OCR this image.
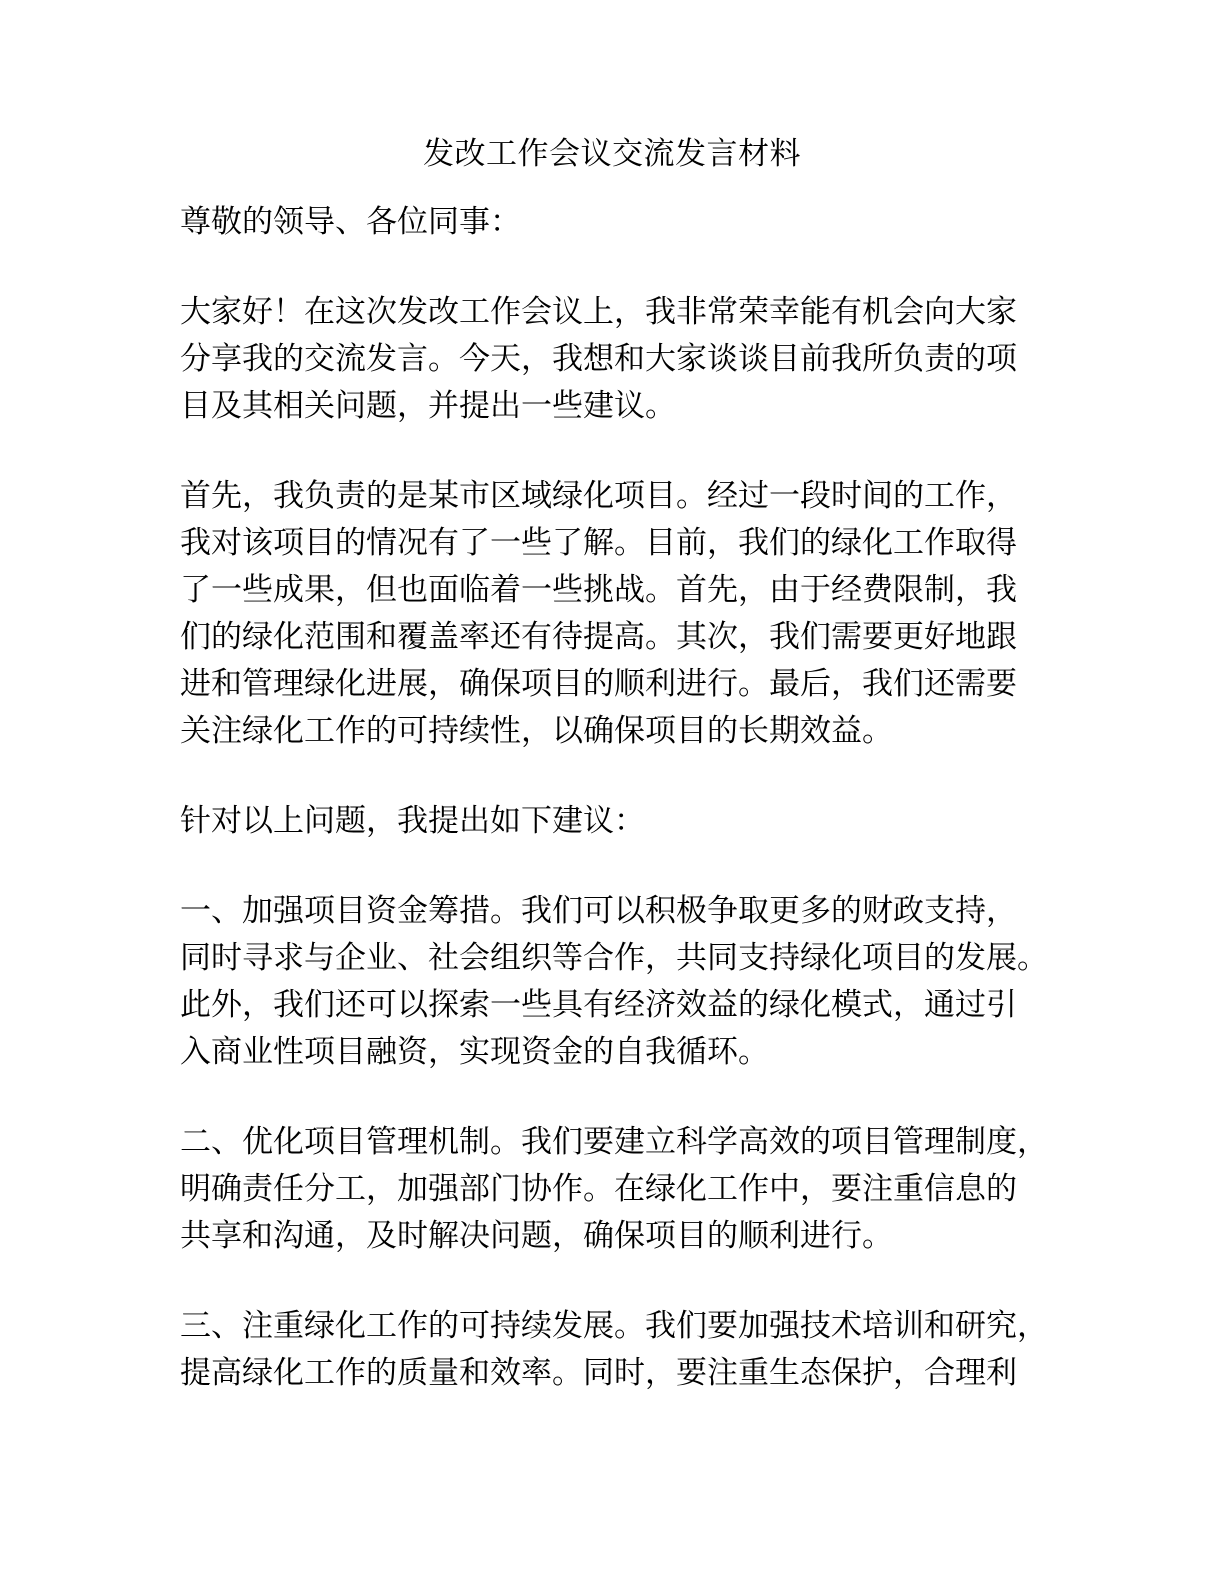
发改工作会议交流发言材料
尊敬的领导、各位同事：
大家好！在这次发改工作会议上，我非常荣幸能有机会向大家
分享我的交流发言。今天，我想和大家谈谈目前我所负责的项
目及其相关问题，并提出一些建议。
首先，我负责的是某市区域绿化项目。经过一段时间的工作，
我对该项目的情况有了一些了解。目前，我们的绿化工作取得
了一些成果，但也面临着一些挑战。首先，由于经费限制，我
们的绿化范围和覆盖率还有待提高。其次，我们需要更好地跟
进和管理绿化进展，确保项目的顺利进行。最后，我们还需要
关注绿化工作的可持续性，以确保项目的长期效益。
针对以上问题，我提出如下建议：
一、加强项目资金筹措。我们可以积极争取更多的财政支持，
同时寻求与企业、社会组织等合作，共同支持绿化项目的发展。
此外，我们还可以探索一些具有经济效益的绿化模式，通过引
入商业性项目融资，实现资金的自我循环。
二、优化项目管理机制。我们要建立科学高效的项目管理制度，
明确责任分工，加强部门协作。在绿化工作中，要注重信息的
共享和沟通，及时解决问题，确保项目的顺利进行。
三、注重绿化工作的可持续发展。我们要加强技术培训和研究，
提高绿化工作的质量和效率。同时，要注重生态保护，合理利
